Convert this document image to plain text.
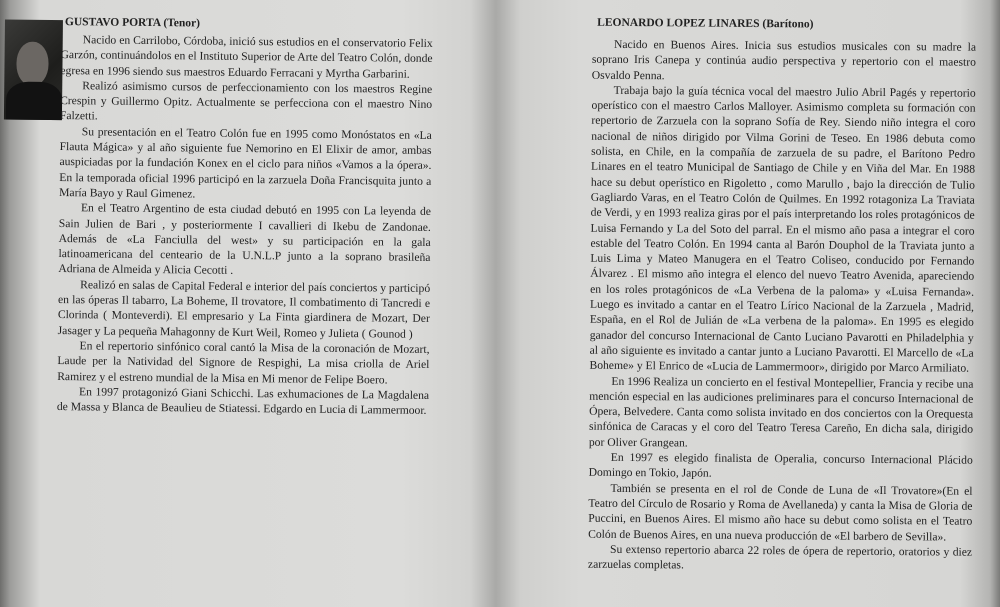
GUSTAVO PORTA (Tenor)

Nacido en Carrilobo, Córdoba, inició sus estudios en el conservatorio Felix Garzón, continuándolos en el Instituto Superior de Arte del Teatro Colón, donde egresa en 1996 siendo sus maestros Eduardo Ferracani y Myrtha Garbarini.

Realizó asimismo cursos de perfeccionamiento con los maestros Regine Crespin y Guillermo Opitz. Actualmente se perfecciona con el maestro Nino Falzetti.

Su presentación en el Teatro Colón fue en 1995 como Monóstatos en «La Flauta Mágica» y al año siguiente fue Nemorino en El Elixir de amor, ambas auspiciadas por la fundación Konex en el ciclo para niños «Vamos a la ópera». En la temporada oficial 1996 participó en la zarzuela Doña Francisquita junto a María Bayo y Raul Gimenez.

En el Teatro Argentino de esta ciudad debutó en 1995 con La leyenda de Sain Julien de Bari , y posteriormente I cavallieri di Ikebu de Zandonae. Además de «La Fanciulla del west» y su participación en la gala latinoamericana del centeario de la U.N.L.P junto a la soprano brasileña Adriana de Almeida y Alicia Cecotti .

Realizó en salas de Capital Federal e interior del país conciertos y participó en las óperas Il tabarro, La Boheme, Il trovatore, Il combatimento di Tancredi e Clorinda ( Monteverdi). El empresario y La Finta giardinera de Mozart, Der Jasager y La pequeña Mahagonny de Kurt Weil, Romeo y Julieta ( Gounod )

En el repertorio sinfónico coral cantó la Misa de la coronación de Mozart, Laude per la Natividad del Signore de Respighi, La misa criolla de Ariel Ramirez y el estreno mundial de la Misa en Mi menor de Felipe Boero.

En 1997 protagonizó Giani Schicchi. Las exhumaciones de La Magdalena de Massa y Blanca de Beaulieu de Stiatessi. Edgardo en Lucia di Lammermoor.

LEONARDO LOPEZ LINARES (Barítono)

Nacido en Buenos Aires. Inicia sus estudios musicales con su madre la soprano Iris Canepa y continúa audio perspectiva y repertorio con el maestro Osvaldo Penna.

Trabaja bajo la guía técnica vocal del maestro Julio Abril Pagés y repertorio operístico con el maestro Carlos Malloyer. Asimismo completa su formación con repertorio de Zarzuela con la soprano Sofía de Rey. Siendo niño integra el coro nacional de niños dirigido por Vilma Gorini de Teseo. En 1986 debuta como solista, en Chile, en la compañía de zarzuela de su padre, el Barítono Pedro Linares en el teatro Municipal de Santiago de Chile y en Viña del Mar. En 1988 hace su debut operístico en Rigoletto , como Marullo , bajo la dirección de Tulio Gagliardo Varas, en el Teatro Colón de Quilmes. En 1992 rotagoniza La Traviata de Verdi, y en 1993 realiza giras por el país interpretando los roles protagónicos de Luisa Fernando y La del Soto del parral. En el mismo año pasa a integrar el coro estable del Teatro Colón. En 1994 canta al Barón Douphol de la Traviata junto a Luis Lima y Mateo Manugera en el Teatro Coliseo, conducido por Fernando Álvarez . El mismo año integra el elenco del nuevo Teatro Avenida, apareciendo en los roles protagónicos de «La Verbena de la paloma» y «Luisa Fernanda». Luego es invitado a cantar en el Teatro Lírico Nacional de la Zarzuela , Madrid, España, en el Rol de Julián de «La verbena de la paloma». En 1995 es elegido ganador del concurso Internacional de Canto Luciano Pavarotti en Philadelphia y al año siguiente es invitado a cantar junto a Luciano Pavarotti. El Marcello de «La Boheme» y El Enrico de «Lucia de Lammermoor», dirigido por Marco Armiliato.

En 1996 Realiza un concierto en el festival Montepellier, Francia y recibe una mención especial en las audiciones preliminares para el concurso Internacional de Ópera, Belvedere. Canta como solista invitado en dos conciertos con la Orequesta sinfónica de Caracas y el coro del Teatro Teresa Careño, En dicha sala, dirigido por Oliver Grangean.

En 1997 es elegido finalista de Operalia, concurso Internacional Plácido Domingo en Tokio, Japón.

También se presenta en el rol de Conde de Luna de «Il Trovatore»(En el Teatro del Círculo de Rosario y Roma de Avellaneda) y canta la Misa de Gloria de Puccini, en Buenos Aires. El mismo año hace su debut como solista en el Teatro Colón de Buenos Aires, en una nueva producción de «El barbero de Sevilla».

Su extenso repertorio abarca 22 roles de ópera de repertorio, oratorios y diez zarzuelas completas.
